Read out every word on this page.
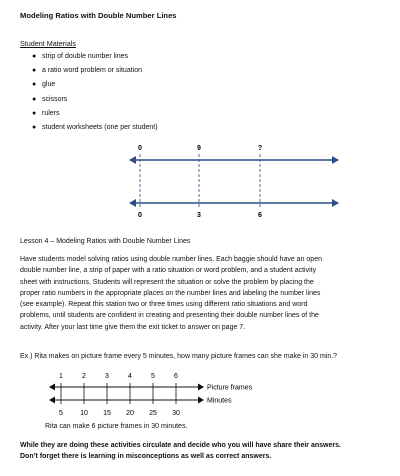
Modeling Ratios with Double Number Lines
Student Materials
● strip of double number lines
● a ratio word problem or situation
● glue
● scissors
● rulers
● student worksheets (one per student)
0	9	?
0	3	6
1	2	3	4	5	6
5 10 15 20 25 30
Picture frames
Minutes
Lesson 4 – Modeling Ratios with Double Number Lines
Have students model solving ratios using double number lines. Each baggie should have an open
double number line, a strip of paper with a ratio situation or word problem, and a student activity
sheet with instructions. Students will represent the situation or solve the problem by placing the
proper ratio numbers in the appropriate places on the number lines and labeling the number lines
(see example). Repeat this station two or three times using different ratio situations and word
problems, until students are confident in creating and presenting their double number lines of the
activity. After your last time give them the exit ticket to answer on page 7.
Ex.) Rita makes on picture frame every 5 minutes, how many picture frames can she make in 30 min.?
Rita can make 6 picture frames in 30 minutes.
While they are doing these activities circulate and decide who you will have share their answers.
Don’t forget there is learning in misconceptions as well as correct answers.
